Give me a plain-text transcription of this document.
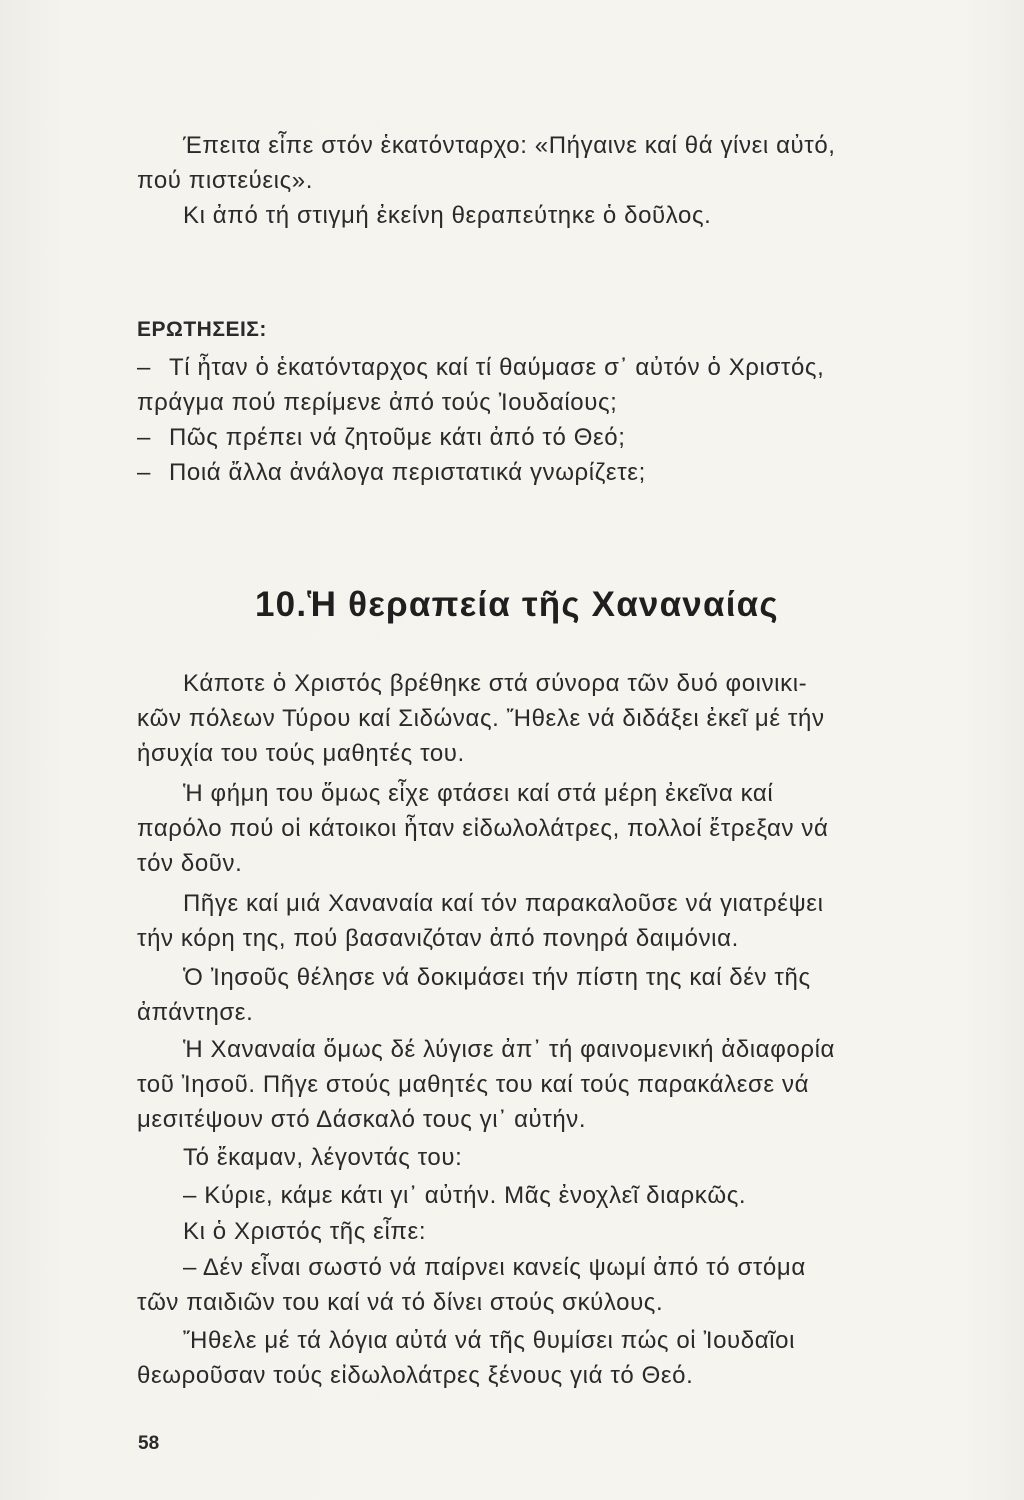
Έπειτα εἶπε στόν ἑκατόνταρχο: «Πήγαινε καί θά γίνει αὐτό,

πού πιστεύεις».

Κι ἀπό τή στιγμή ἐκείνη θεραπεύτηκε ὁ δοῦλος.

ΕΡΩΤΗΣΕΙΣ:
– Τί ἦταν ὁ ἑκατόνταρχος καί τί θαύμασε σ᾽ αὐτόν ὁ Χριστός,
πράγμα πού περίμενε ἀπό τούς Ἰουδαίους;
– Πῶς πρέπει νά ζητοῦμε κάτι ἀπό τό Θεό;
– Ποιά ἄλλα ἀνάλογα περιστατικά γνωρίζετε;
10.Ἡ θεραπεία τῆς Χαναναίας

Κάποτε ὁ Χριστός βρέθηκε στά σύνορα τῶν δυό φοινικι-

κῶν πόλεων Τύρου καί Σιδώνας. Ἤθελε νά διδάξει ἐκεῖ μέ τήν

ἡσυχία του τούς μαθητές του.

Ἡ φήμη του ὅμως εἶχε φτάσει καί στά μέρη ἐκεῖνα καί

παρόλο πού οἱ κάτοικοι ἦταν εἰδωλολάτρες, πολλοί ἔτρεξαν νά

τόν δοῦν.

Πῆγε καί μιά Χαναναία καί τόν παρακαλοῦσε νά γιατρέψει

τήν κόρη της, πού βασανιζόταν ἀπό πονηρά δαιμόνια.

Ὁ Ἰησοῦς θέλησε νά δοκιμάσει τήν πίστη της καί δέν τῆς

ἀπάντησε.

Ἡ Χαναναία ὅμως δέ λύγισε ἀπ᾽ τή φαινομενική ἀδιαφορία

τοῦ Ἰησοῦ. Πῆγε στούς μαθητές του καί τούς παρακάλεσε νά

μεσιτέψουν στό Δάσκαλό τους γι᾽ αὐτήν.

Τό ἔκαμαν, λέγοντάς του:

– Κύριε, κάμε κάτι γι᾽ αὐτήν. Μᾶς ἐνοχλεῖ διαρκῶς.

Κι ὁ Χριστός τῆς εἶπε:

– Δέν εἶναι σωστό νά παίρνει κανείς ψωμί ἀπό τό στόμα

τῶν παιδιῶν του καί νά τό δίνει στούς σκύλους.

Ἤθελε μέ τά λόγια αὐτά νά τῆς θυμίσει πώς οἱ Ἰουδαῖοι

θεωροῦσαν τούς εἰδωλολάτρες ξένους γιά τό Θεό.

58
